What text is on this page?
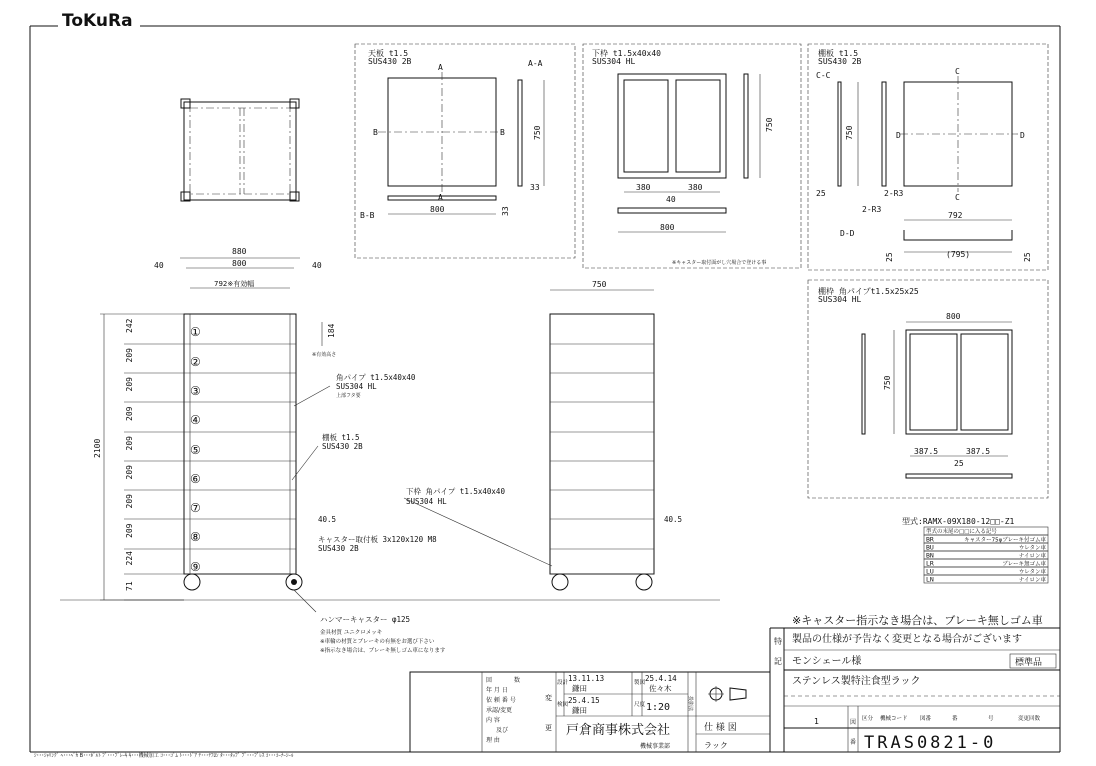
ToKuRa
天板 t1.5
SUS430 2B
A
A
B	B
A-A
750
33
B-B
800	33
下枠 t1.5x40x40
SUS304 HL
750
380	380
40
800
※キャスター取付面がし穴場合で登ける事
棚板 t1.5
SUS430 2B
C-C
750
C
C
D	D
25	2-R3
2-R3
792
D-D
(795)
25	25
棚枠 角パイプt1.5x25x25
SUS304 HL
800
750
387.5	387.5
25
880
800
40	40
792※有効幅
①
②
③
④
⑤
⑥
⑦
⑧
⑨
2100
242
209
209
209
209
209
209
209
224
71
184
※有効高さ
角パイプ t1.5x40x40
SUS304 HL
上部フタ要
棚板 t1.5
SUS430 2B
40.5
キャスター取付板 3x120x120 M8
SUS430 2B
ハンマーキャスター φ125
金具材質 ユニクロメッキ
※車輪の材質とブレーキの有無をお選び下さい
※指示なき場合は、ブレーキ無しゴム車になります
750
下枠 角パイプ t1.5x40x40
SUS304 HL
40.5	型式:RAMX-09X180-12□□-Z1
型式の末尾の□□に入る記号
BR	キャスター75φブレーキ付ゴム車
BU	ウレタン車
BN	ナイロン車
LR	ブレーキ無ゴム車
LU	ウレタン車
LN	ナイロン車
※キャスター指示なき場合は、ブレーキ無しゴム車
特
記
製品の仕様が予告なく変更となる場合がございます
モンシェール様	標準品
ステンレス製特注食型ラック
回	数
年 月 日
依 頼 番 号
承認/変更
内 容
及び
理 由
変
更
設計 13.11.13
鎌田
製図 25.4.14
佐々木
検図 25.4.15
鎌田
尺度 1:20	投影法
戸倉商事株式会社
機械事業部
仕 様 図
ラック
1	図
番
区分 機械コード 図番	番	号	変更回数
TRAS0821-0
ｼ･･･ｼｬﾘﾝｸﾞ ﾍ･･･ﾍﾞｶ B･･･ﾎﾞﾙﾄ ﾌﾞ･･･ﾌﾞﾚｰｷ ｷ･･･機械加工 ｺ･･･ｺﾞﾑ ﾄ･･･ﾄﾞｱ ﾃ･･･ﾃﾌﾛﾝ ﾀ･･･ﾀｯﾌﾟ ﾌﾟ･･･ﾌﾟﾚｽ ｺ･･･ｺｰﾅｰｼｰﾙ
